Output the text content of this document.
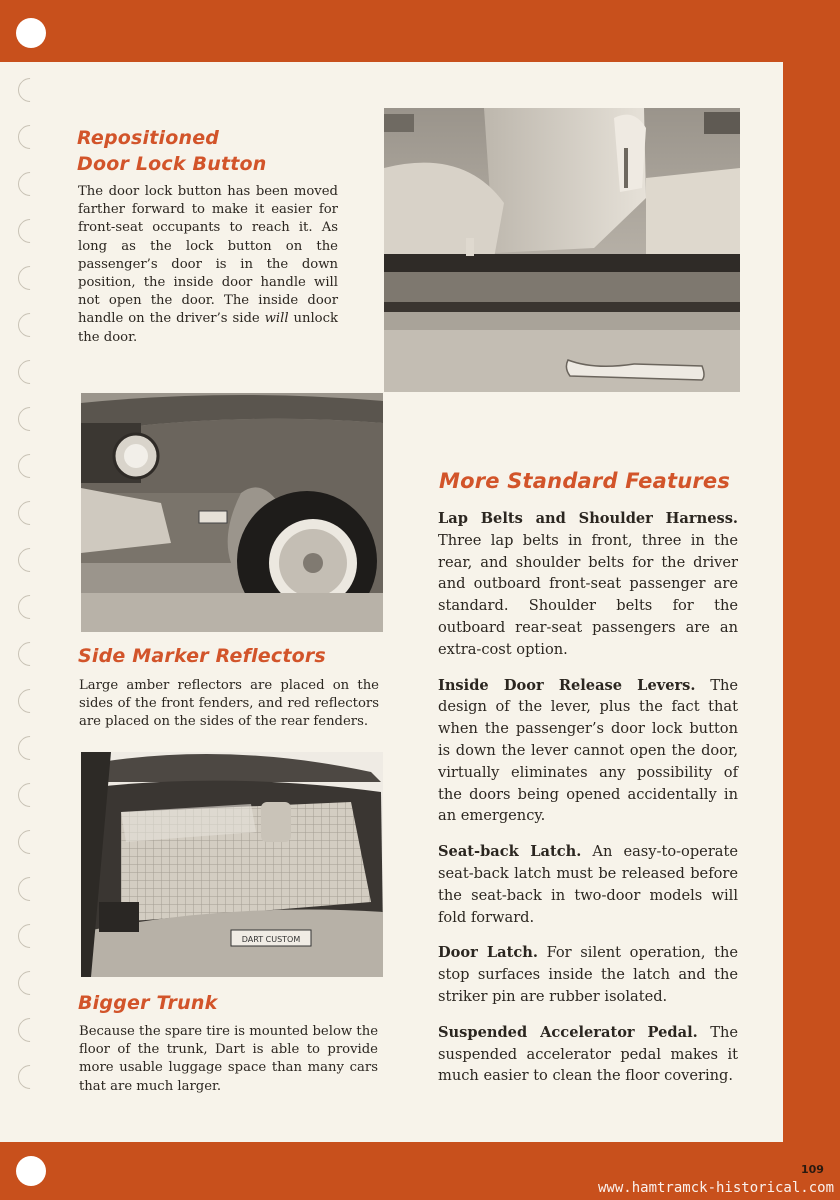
Repositioned
Door Lock Button

The door lock button has been moved farther forward to make it easier for front-seat occupants to reach it. As long as the lock button on the passenger’s door is in the down position, the inside door handle will not open the door. The inside door handle on the driver’s side will unlock the door.

Side Marker Reflectors

Large amber reflectors are placed on the sides of the front fenders, and red reflectors are placed on the sides of the rear fenders.

DART CUSTOM
Bigger Trunk

Because the spare tire is mounted below the floor of the trunk, Dart is able to provide more usable luggage space than many cars that are much larger.

More Standard Features

Lap Belts and Shoulder Harness. Three lap belts in front, three in the rear, and shoulder belts for the driver and outboard front-seat passenger are standard. Shoulder belts for the outboard rear-seat passengers are an extra-cost option.

Inside Door Release Levers. The design of the lever, plus the fact that when the passenger’s door lock button is down the lever cannot open the door, virtually eliminates any possibility of the doors being opened accidentally in an emergency.

Seat-back Latch. An easy-to-operate seat-back latch must be released before the seat-back in two-door models will fold forward.

Door Latch. For silent operation, the stop surfaces inside the latch and the striker pin are rubber isolated.

Suspended Accelerator Pedal. The suspended accelerator pedal makes it much easier to clean the floor covering.

109
www.hamtramck-historical.com
